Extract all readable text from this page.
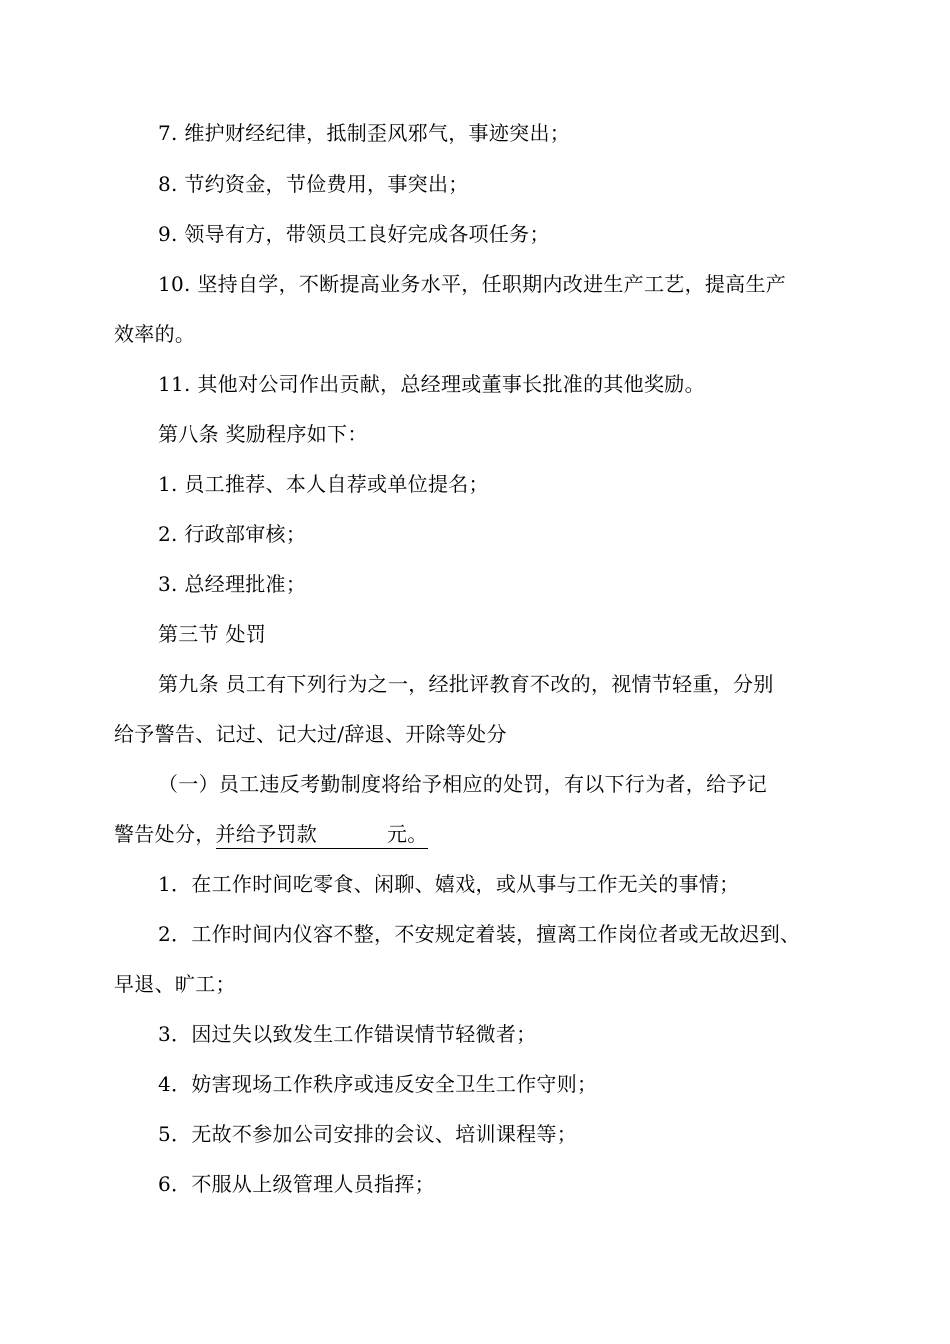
7. 维护财经纪律，抵制歪风邪气，事迹突出；
8. 节约资金，节俭费用，事突出；
9. 领导有方，带领员工良好完成各项任务；
10. 坚持自学，不断提高业务水平，任职期内改进生产工艺，提高生产
效率的。
11. 其他对公司作出贡献，总经理或董事长批准的其他奖励。
第八条 奖励程序如下：
1. 员工推荐、本人自荐或单位提名；
2. 行政部审核；
3. 总经理批准；
第三节 处罚
第九条 员工有下列行为之一，经批评教育不改的，视情节轻重，分别
给予警告、记过、记大过/辞退、开除等处分
（一）员工违反考勤制度将给予相应的处罚，有以下行为者，给予记
警告处分，并给予罚款	元。
1．在工作时间吃零食、闲聊、嬉戏，或从事与工作无关的事情；
2．工作时间内仪容不整，不安规定着装，擅离工作岗位者或无故迟到、
早退、旷工；
3．因过失以致发生工作错误情节轻微者；
4．妨害现场工作秩序或违反安全卫生工作守则；
5．无故不参加公司安排的会议、培训课程等；
6．不服从上级管理人员指挥；
